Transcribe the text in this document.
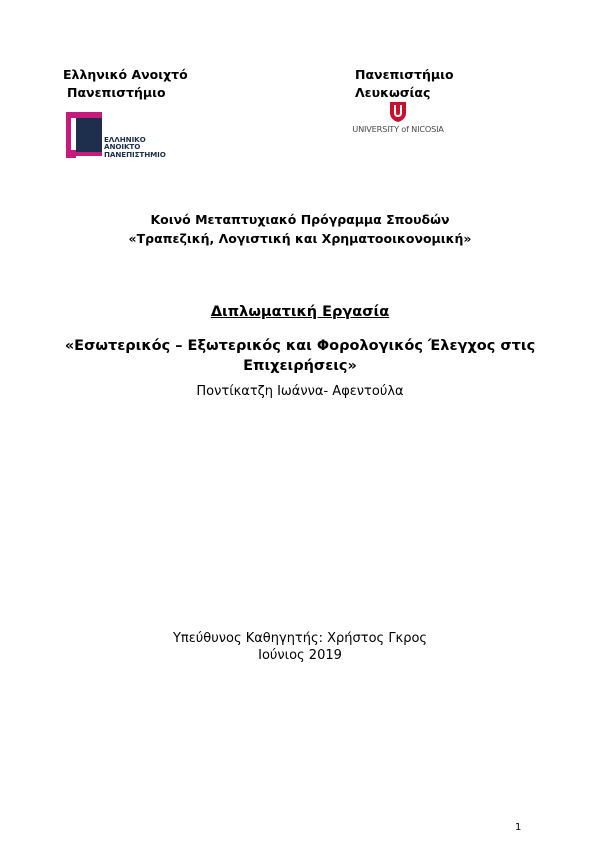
Ελληνικό Ανοιχτό
Πανεπιστήμιο
Πανεπιστήμιο
Λευκωσίας
ΕΛΛΗΝΙΚΟ
ΑΝΟΙΚΤΟ
ΠΑΝΕΠΙΣΤΗΜΙΟ
UNIVERSITY of NICOSIA
Κοινό Μεταπτυχιακό Πρόγραμμα Σπουδών
«Τραπεζική, Λογιστική και Χρηματοοικονομική»
Διπλωματική Εργασία
«Εσωτερικός – Εξωτερικός και Φορολογικός Έλεγχος στις
Επιχειρήσεις»
Ποντίκατζη Ιωάννα- Αφεντούλα
Υπεύθυνος Καθηγητής: Χρήστος Γκρος
Ιούνιος 2019
1
